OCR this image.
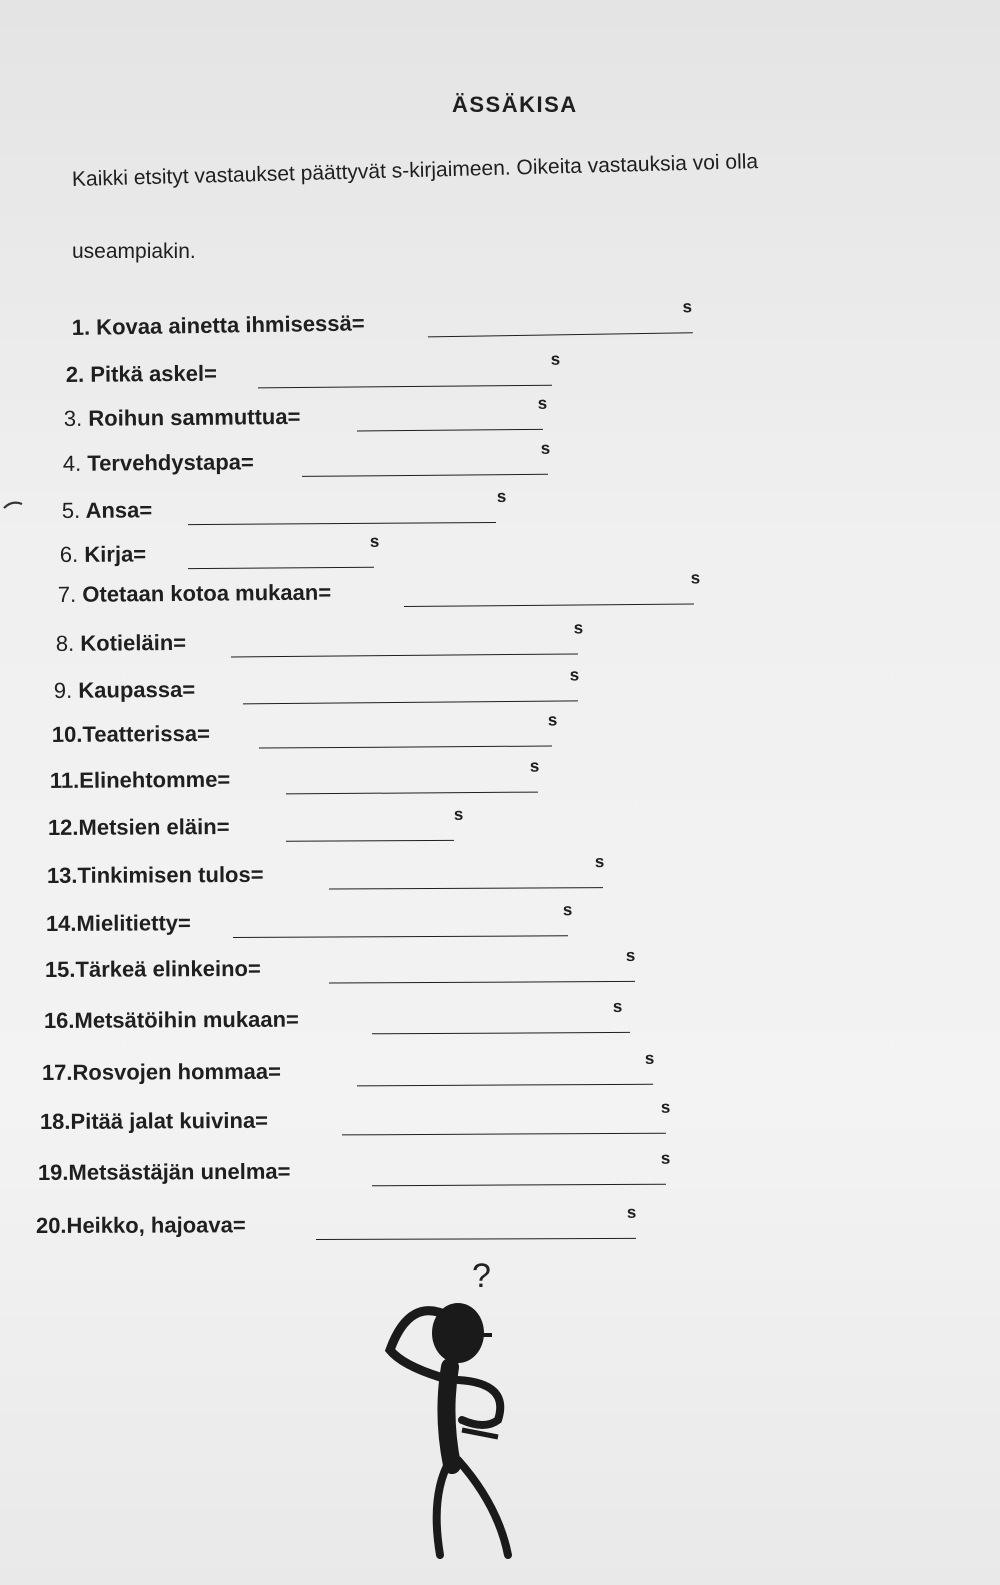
ÄSSÄKISA
Kaikki etsityt vastaukset päättyvät s-kirjaimeen. Oikeita vastauksia voi olla
useampiakin.
1. Kovaa ainetta ihmisessä=
s
2. Pitkä askel=
s
3. Roihun sammuttua=
s
4. Tervehdystapa=
s
5. Ansa=
s
6. Kirja=
s
7. Otetaan kotoa mukaan=
s
8. Kotieläin=
s
9. Kaupassa=
s
10.Teatterissa=
s
11.Elinehtomme=
s
12.Metsien eläin=	s
13.Tinkimisen tulos=
s
14.Mielitietty=
s
15.Tärkeä elinkeino=
s
16.Metsätöihin mukaan=
s
17.Rosvojen hommaa=
s
18.Pitää jalat kuivina=
s
19.Metsästäjän unelma=
s
20.Heikko, hajoava=	s
?
